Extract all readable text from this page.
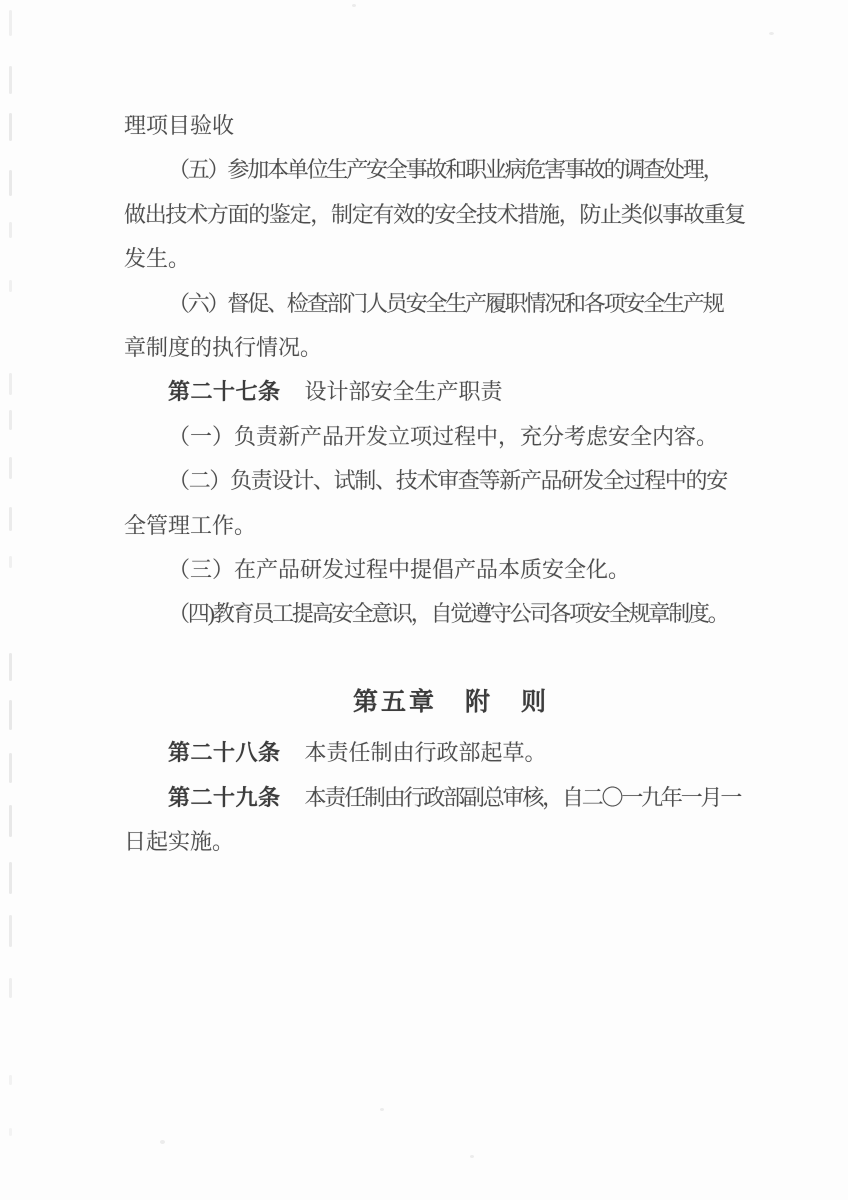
理项目验收
（五）参加本单位生产安全事故和职业病危害事故的调查处理，
做出技术方面的鉴定，制定有效的安全技术措施，防止类似事故重复
发生。
（六）督促、检查部门人员安全生产履职情况和各项安全生产规
章制度的执行情况。
第二十七条 设计部安全生产职责
（一）负责新产品开发立项过程中，充分考虑安全内容。
（二）负责设计、试制、技术审查等新产品研发全过程中的安
全管理工作。
（三）在产品研发过程中提倡产品本质安全化。
（四)教育员工提高安全意识，自觉遵守公司各项安全规章制度。
第五章　附　则
第二十八条 本责任制由行政部起草。
第二十九条 本责任制由行政部副总审核，自二〇一九年一月一
日起实施。
